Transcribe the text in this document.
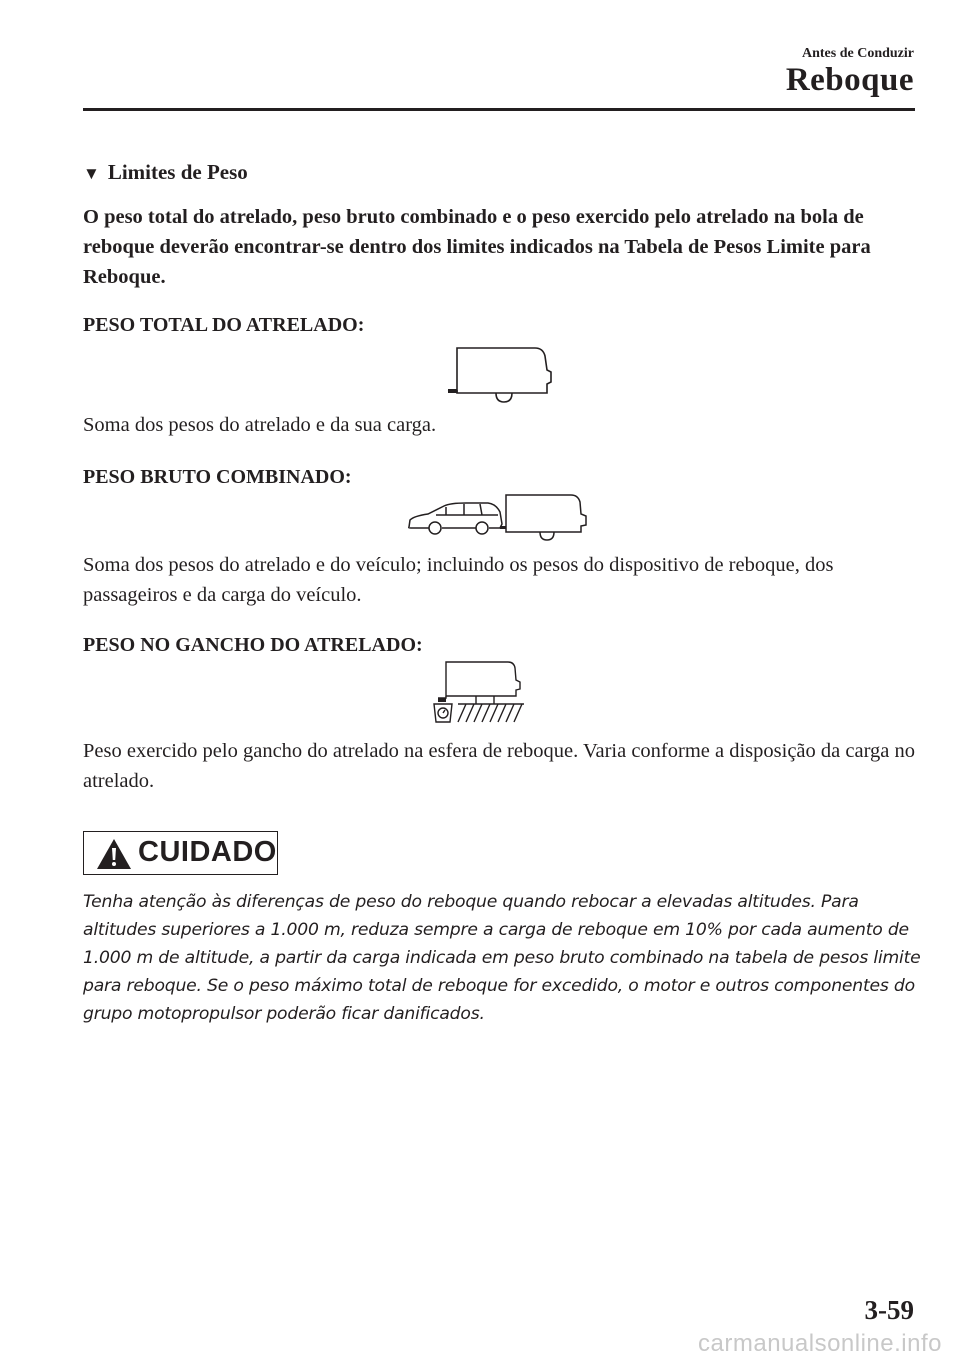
Antes de Conduzir
Reboque
▼ Limites de Peso
O peso total do atrelado, peso bruto combinado e o peso exercido pelo atrelado na bola de reboque deverão encontrar-se dentro dos limites indicados na Tabela de Pesos Limite para Reboque.
PESO TOTAL DO ATRELADO:
Soma dos pesos do atrelado e da sua carga.
PESO BRUTO COMBINADO:
Soma dos pesos do atrelado e do veículo; incluindo os pesos do dispositivo de reboque, dos passageiros e da carga do veículo.
PESO NO GANCHO DO ATRELADO:
Peso exercido pelo gancho do atrelado na esfera de reboque. Varia conforme a disposição da carga no atrelado.
CUIDADO
Tenha atenção às diferenças de peso do reboque quando rebocar a elevadas altitudes. Para altitudes superiores a 1.000 m, reduza sempre a carga de reboque em 10% por cada aumento de 1.000 m de altitude, a partir da carga indicada em peso bruto combinado na tabela de pesos limite para reboque. Se o peso máximo total de reboque for excedido, o motor e outros componentes do grupo motopropulsor poderão ficar danificados.
3-59
carmanualsonline.info
